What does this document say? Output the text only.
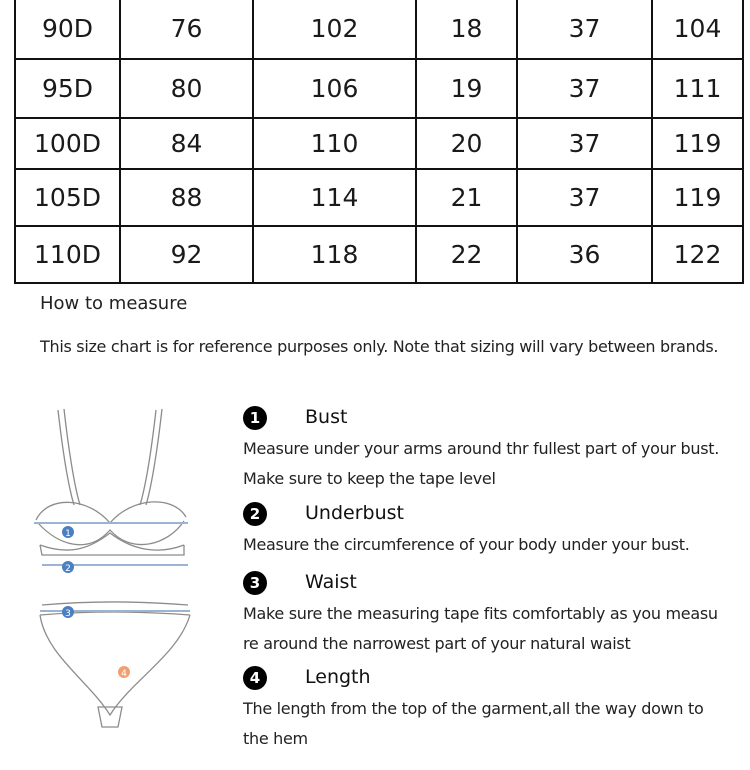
90D	76	102	18	37	104
95D	80	106	19	37	111
100D	84	110	20	37	119
105D	88	114	21	37	119
110D	92	118	22	36	122
How to measure
This size chart is for reference purposes only. Note that sizing will vary between brands.
1
2
3
4
1	Bust
Measure under your arms around thr fullest part of your bust.
Make sure to keep the tape level
2	Underbust
Measure the circumference of your body under your bust.
3	Waist
Make sure the measuring tape fits comfortably as you measu
re around the narrowest part of your natural waist
4	Length
The length from the top of the garment,all the way down to
the hem
